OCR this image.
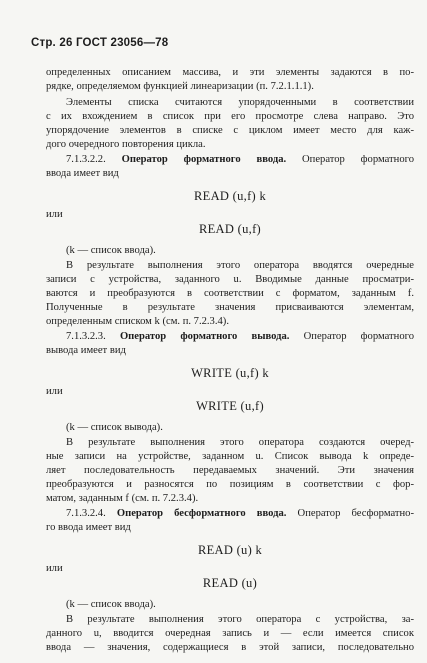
Стр. 26 ГОСТ 23056—78
определенных описанием массива, и эти элементы задаются в по-
рядке, определяемом функцией линеаризации (п. 7.2.1.1.1).
Элементы списка считаются упорядоченными в соответствии
с их вхождением в список при его просмотре слева направо. Это
упорядочение элементов в списке с циклом имеет место для каж-
дого очередного повторения цикла.
7.1.3.2.2. Оператор форматного ввода. Оператор форматного
ввода имеет вид
READ (u,f) k
или
READ (u,f)
(k — список ввода).
В результате выполнения этого оператора вводятся очередные
записи с устройства, заданного u. Вводимые данные просматри-
ваются и преобразуются в соответствии с форматом, заданным f.
Полученные в результате значения присваиваются элементам,
определенным списком k (см. п. 7.2.3.4).
7.1.3.2.3. Оператор форматного вывода. Оператор форматного
вывода имеет вид
WRITE (u,f) k
или
WRITE (u,f)
(k — список вывода).
В результате выполнения этого оператора создаются очеред-
ные записи на устройстве, заданном u. Список вывода k опреде-
ляет последовательность передаваемых значений. Эти значения
преобразуются и разносятся по позициям в соответствии с фор-
матом, заданным f (см. п. 7.2.3.4).
7.1.3.2.4. Оператор бесформатного ввода. Оператор бесформатно-
го ввода имеет вид
READ (u) k
или
READ (u)
(k — список ввода).
В результате выполнения этого оператора с устройства, за-
данного u, вводится очередная запись и — если имеется список
ввода — значения, содержащиеся в этой записи, последовательно
